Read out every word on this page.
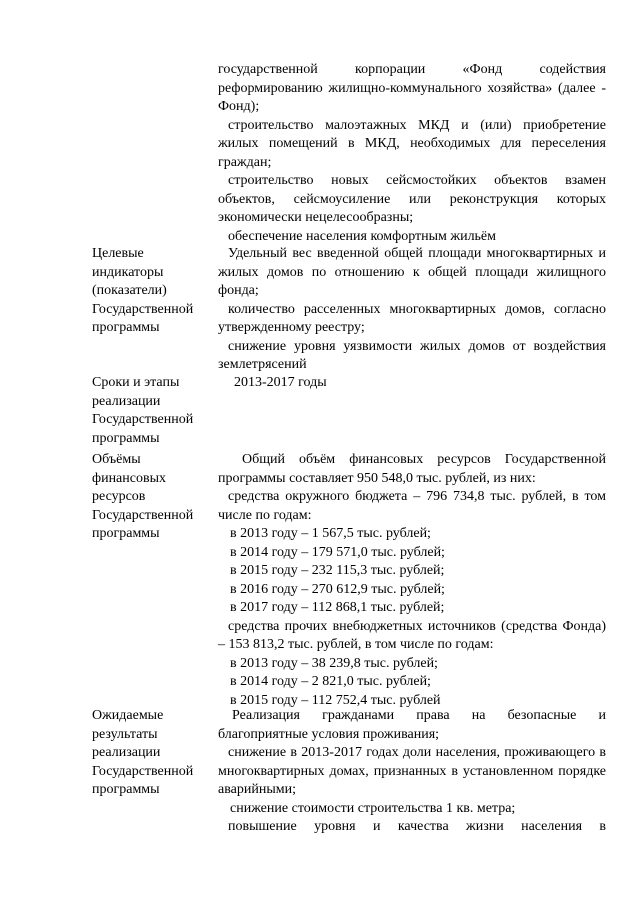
государственной корпорации «Фонд содействия реформированию жилищно-коммунального хозяйства» (далее - Фонд);

строительство малоэтажных МКД и (или) приобретение жилых помещений в МКД, необходимых для переселения граждан;

строительство новых сейсмостойких объектов взамен объектов, сейсмоусиление или реконструкция которых экономически нецелесообразны;

обеспечение населения комфортным жильём

Целевые
индикаторы
(показатели)
Государственной
программы

Удельный вес введенной общей площади многоквартирных и жилых домов по отношению к общей площади жилищного фонда;

количество расселенных многоквартирных домов, согласно утвержденному реестру;

снижение уровня уязвимости жилых домов от воздействия землетрясений

Сроки и этапы
реализации
Государственной
программы

2013-2017 годы

Объёмы
финансовых
ресурсов
Государственной
программы

Общий объём финансовых ресурсов Государственной программы составляет 950 548,0 тыс. рублей, из них:

средства окружного бюджета – 796 734,8 тыс. рублей, в том числе по годам:

в 2013 году – 1 567,5 тыс. рублей;

в 2014 году – 179 571,0 тыс. рублей;

в 2015 году – 232 115,3 тыс. рублей;

в 2016 году – 270 612,9 тыс. рублей;

в 2017 году – 112 868,1 тыс. рублей;

средства прочих внебюджетных источников (средства Фонда) – 153 813,2 тыс. рублей, в том числе по годам:

в 2013 году – 38 239,8 тыс. рублей;

в 2014 году – 2 821,0 тыс. рублей;

в 2015 году – 112 752,4 тыс. рублей

Ожидаемые
результаты
реализации
Государственной
программы

Реализация гражданами права на безопасные и благоприятные условия проживания;

снижение в 2013-2017 годах доли населения, проживающего в многоквартирных домах, признанных в установленном порядке аварийными;

снижение стоимости строительства 1 кв. метра;

повышение уровня и качества жизни населения в
